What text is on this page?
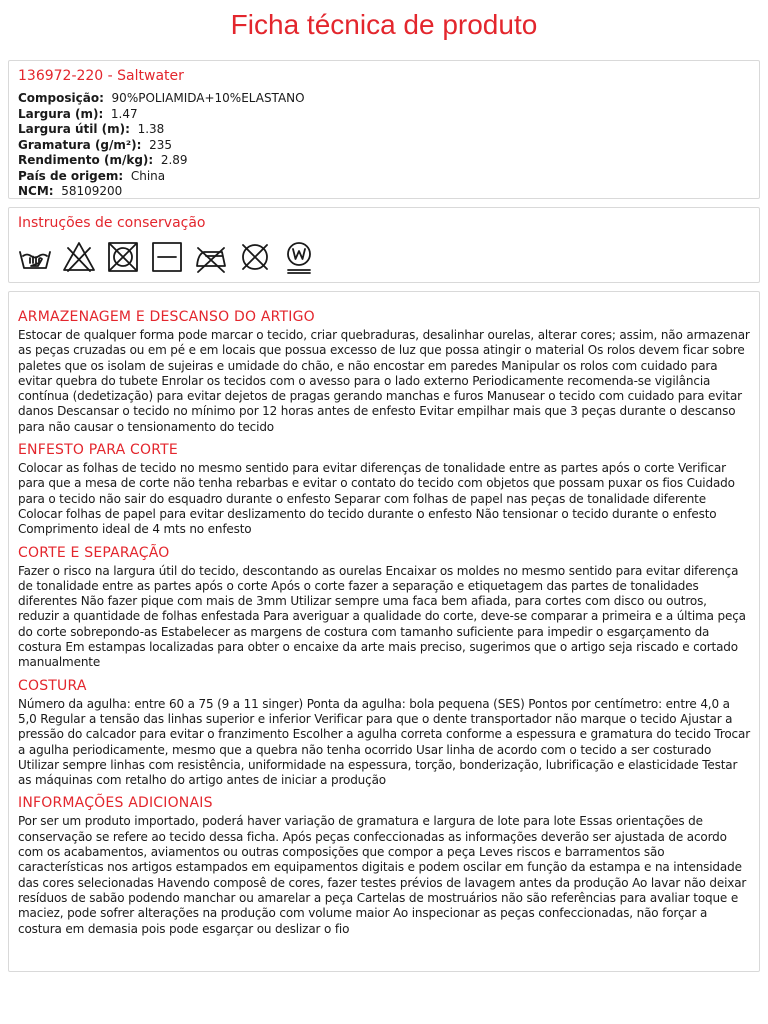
Ficha técnica de produto
136972-220 - Saltwater
Composição: 90%POLIAMIDA+10%ELASTANO
Largura (m): 1.47
Largura útil (m): 1.38
Gramatura (g/m²): 235
Rendimento (m/kg): 2.89
País de origem: China
NCM: 58109200
Instruções de conservação
ARMAZENAGEM E DESCANSO DO ARTIGO

Estocar de qualquer forma pode marcar o tecido, criar quebraduras, desalinhar ourelas, alterar cores; assim, não armazenar as peças cruzadas ou em pé e em locais que possua excesso de luz que possa atingir o material Os rolos devem ficar sobre paletes que os isolam de sujeiras e umidade do chão, e não encostar em paredes Manipular os rolos com cuidado para evitar quebra do tubete Enrolar os tecidos com o avesso para o lado externo Periodicamente recomenda-se vigilância contínua (dedetização) para evitar dejetos de pragas gerando manchas e furos Manusear o tecido com cuidado para evitar danos Descansar o tecido no mínimo por 12 horas antes de enfesto Evitar empilhar mais que 3 peças durante o descanso para não causar o tensionamento do tecido

ENFESTO PARA CORTE

Colocar as folhas de tecido no mesmo sentido para evitar diferenças de tonalidade entre as partes após o corte Verificar para que a mesa de corte não tenha rebarbas e evitar o contato do tecido com objetos que possam puxar os fios Cuidado para o tecido não sair do esquadro durante o enfesto Separar com folhas de papel nas peças de tonalidade diferente Colocar folhas de papel para evitar deslizamento do tecido durante o enfesto Não tensionar o tecido durante o enfesto Comprimento ideal de 4 mts no enfesto

CORTE E SEPARAÇÃO

Fazer o risco na largura útil do tecido, descontando as ourelas Encaixar os moldes no mesmo sentido para evitar diferença de tonalidade entre as partes após o corte Após o corte fazer a separação e etiquetagem das partes de tonalidades diferentes Não fazer pique com mais de 3mm Utilizar sempre uma faca bem afiada, para cortes com disco ou outros, reduzir a quantidade de folhas enfestada Para averiguar a qualidade do corte, deve-se comparar a primeira e a última peça do corte sobrepondo-as Estabelecer as margens de costura com tamanho suficiente para impedir o esgarçamento da costura Em estampas localizadas para obter o encaixe da arte mais preciso, sugerimos que o artigo seja riscado e cortado manualmente

COSTURA

Número da agulha: entre 60 a 75 (9 a 11 singer) Ponta da agulha: bola pequena (SES) Pontos por centímetro: entre 4,0 a 5,0 Regular a tensão das linhas superior e inferior Verificar para que o dente transportador não marque o tecido Ajustar a pressão do calcador para evitar o franzimento Escolher a agulha correta conforme a espessura e gramatura do tecido Trocar a agulha periodicamente, mesmo que a quebra não tenha ocorrido Usar linha de acordo com o tecido a ser costurado Utilizar sempre linhas com resistência, uniformidade na espessura, torção, bonderização, lubrificação e elasticidade Testar as máquinas com retalho do artigo antes de iniciar a produção

INFORMAÇÕES ADICIONAIS

Por ser um produto importado, poderá haver variação de gramatura e largura de lote para lote Essas orientações de conservação se refere ao tecido dessa ficha. Após peças confeccionadas as informações deverão ser ajustada de acordo com os acabamentos, aviamentos ou outras composições que compor a peça Leves riscos e barramentos são características nos artigos estampados em equipamentos digitais e podem oscilar em função da estampa e na intensidade das cores selecionadas Havendo composê de cores, fazer testes prévios de lavagem antes da produção Ao lavar não deixar resíduos de sabão podendo manchar ou amarelar a peça Cartelas de mostruários não são referências para avaliar toque e maciez, pode sofrer alterações na produção com volume maior Ao inspecionar as peças confeccionadas, não forçar a costura em demasia pois pode esgarçar ou deslizar o fio
